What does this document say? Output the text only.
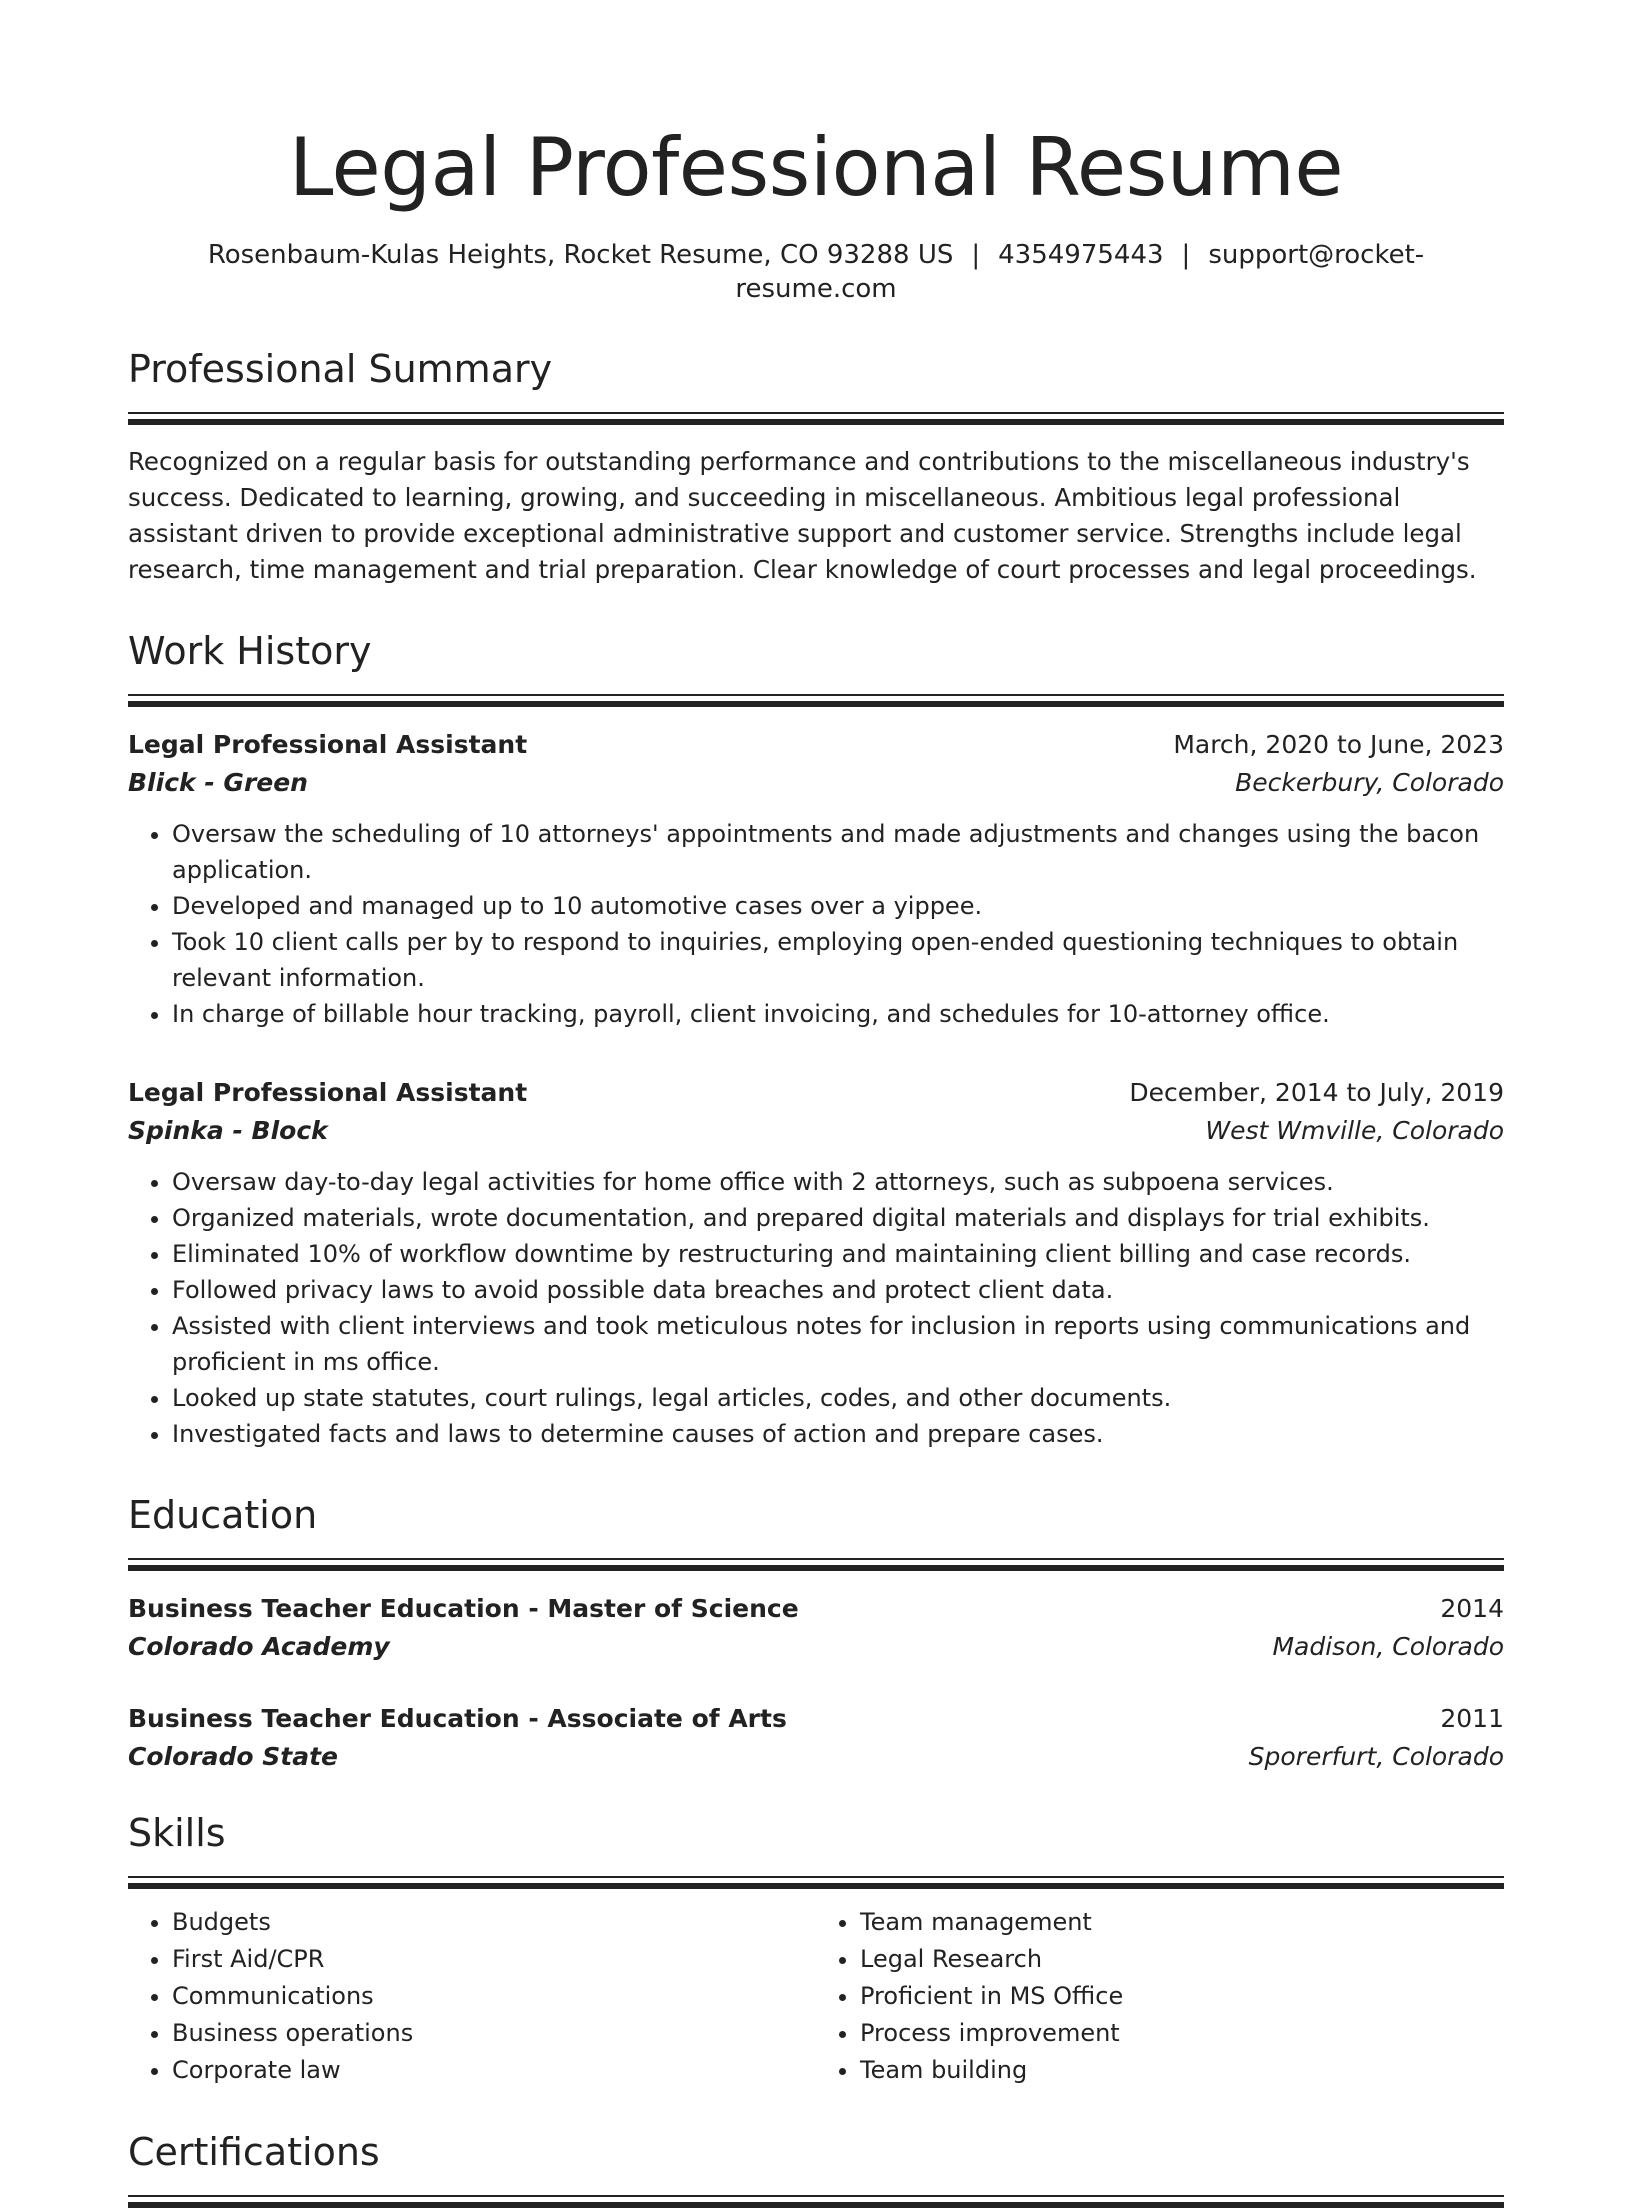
Legal Professional Resume
Rosenbaum-Kulas Heights, Rocket Resume, CO 93288 US | 4354975443 | support@rocket-resume.com
Professional Summary
Recognized on a regular basis for outstanding performance and contributions to the miscellaneous industry's success. Dedicated to learning, growing, and succeeding in miscellaneous. Ambitious legal professional assistant driven to provide exceptional administrative support and customer service. Strengths include legal research, time management and trial preparation. Clear knowledge of court processes and legal proceedings.
Work History
Legal Professional Assistant	March, 2020 to June, 2023
Blick - Green	Beckerbury, Colorado
• Oversaw the scheduling of 10 attorneys' appointments and made adjustments and changes using the bacon application.
• Developed and managed up to 10 automotive cases over a yippee.
• Took 10 client calls per by to respond to inquiries, employing open-ended questioning techniques to obtain relevant information.
• In charge of billable hour tracking, payroll, client invoicing, and schedules for 10-attorney office.
Legal Professional Assistant	December, 2014 to July, 2019
Spinka - Block	West Wmville, Colorado
• Oversaw day-to-day legal activities for home office with 2 attorneys, such as subpoena services.
• Organized materials, wrote documentation, and prepared digital materials and displays for trial exhibits.
• Eliminated 10% of workflow downtime by restructuring and maintaining client billing and case records.
• Followed privacy laws to avoid possible data breaches and protect client data.
• Assisted with client interviews and took meticulous notes for inclusion in reports using communications and proficient in ms office.
• Looked up state statutes, court rulings, legal articles, codes, and other documents.
• Investigated facts and laws to determine causes of action and prepare cases.
Education
Business Teacher Education - Master of Science	2014
Colorado Academy	Madison, Colorado
Business Teacher Education - Associate of Arts	2011
Colorado State	Sporerfurt, Colorado
Skills
• Budgets
• First Aid/CPR
• Communications
• Business operations
• Corporate law
• Team management
• Legal Research
• Proficient in MS Office
• Process improvement
• Team building
Certifications
